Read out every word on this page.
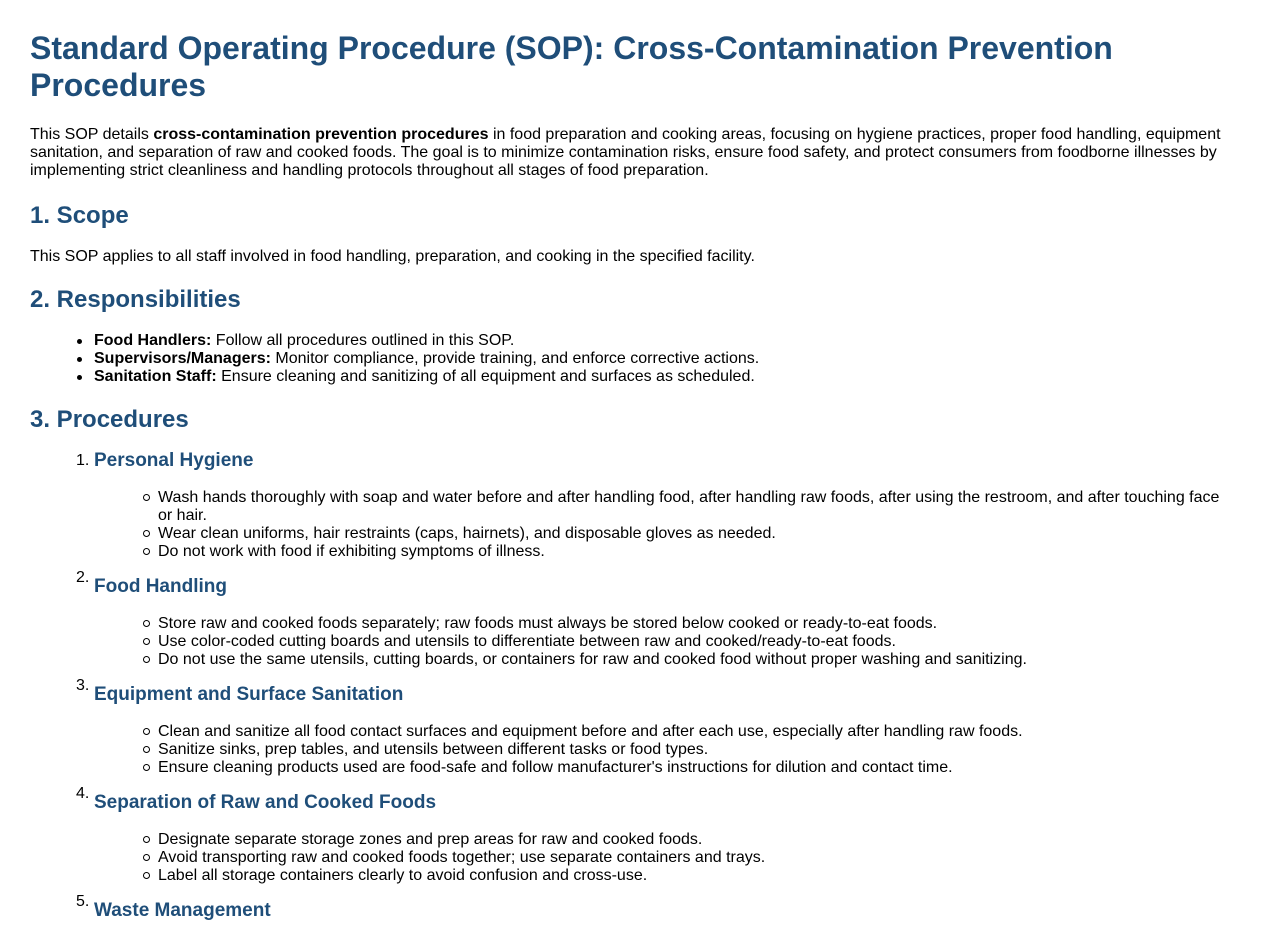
Standard Operating Procedure (SOP): Cross-Contamination Prevention Procedures

This SOP details cross-contamination prevention procedures in food preparation and cooking areas, focusing on hygiene practices, proper food handling, equipment sanitation, and separation of raw and cooked foods. The goal is to minimize contamination risks, ensure food safety, and protect consumers from foodborne illnesses by implementing strict cleanliness and handling protocols throughout all stages of food preparation.

1. Scope

This SOP applies to all staff involved in food handling, preparation, and cooking in the specified facility.

2. Responsibilities
Food Handlers: Follow all procedures outlined in this SOP.
Supervisors/Managers: Monitor compliance, provide training, and enforce corrective actions.
Sanitation Staff: Ensure cleaning and sanitizing of all equipment and surfaces as scheduled.
3. Procedures
1. Personal Hygiene
Wash hands thoroughly with soap and water before and after handling food, after handling raw foods, after using the restroom, and after touching face or hair.
Wear clean uniforms, hair restraints (caps, hairnets), and disposable gloves as needed.
Do not work with food if exhibiting symptoms of illness.
2. Food Handling
Store raw and cooked foods separately; raw foods must always be stored below cooked or ready-to-eat foods.
Use color-coded cutting boards and utensils to differentiate between raw and cooked/ready-to-eat foods.
Do not use the same utensils, cutting boards, or containers for raw and cooked food without proper washing and sanitizing.
3. Equipment and Surface Sanitation
Clean and sanitize all food contact surfaces and equipment before and after each use, especially after handling raw foods.
Sanitize sinks, prep tables, and utensils between different tasks or food types.
Ensure cleaning products used are food-safe and follow manufacturer's instructions for dilution and contact time.
4. Separation of Raw and Cooked Foods
Designate separate storage zones and prep areas for raw and cooked foods.
Avoid transporting raw and cooked foods together; use separate containers and trays.
Label all storage containers clearly to avoid confusion and cross-use.
5. Waste Management
